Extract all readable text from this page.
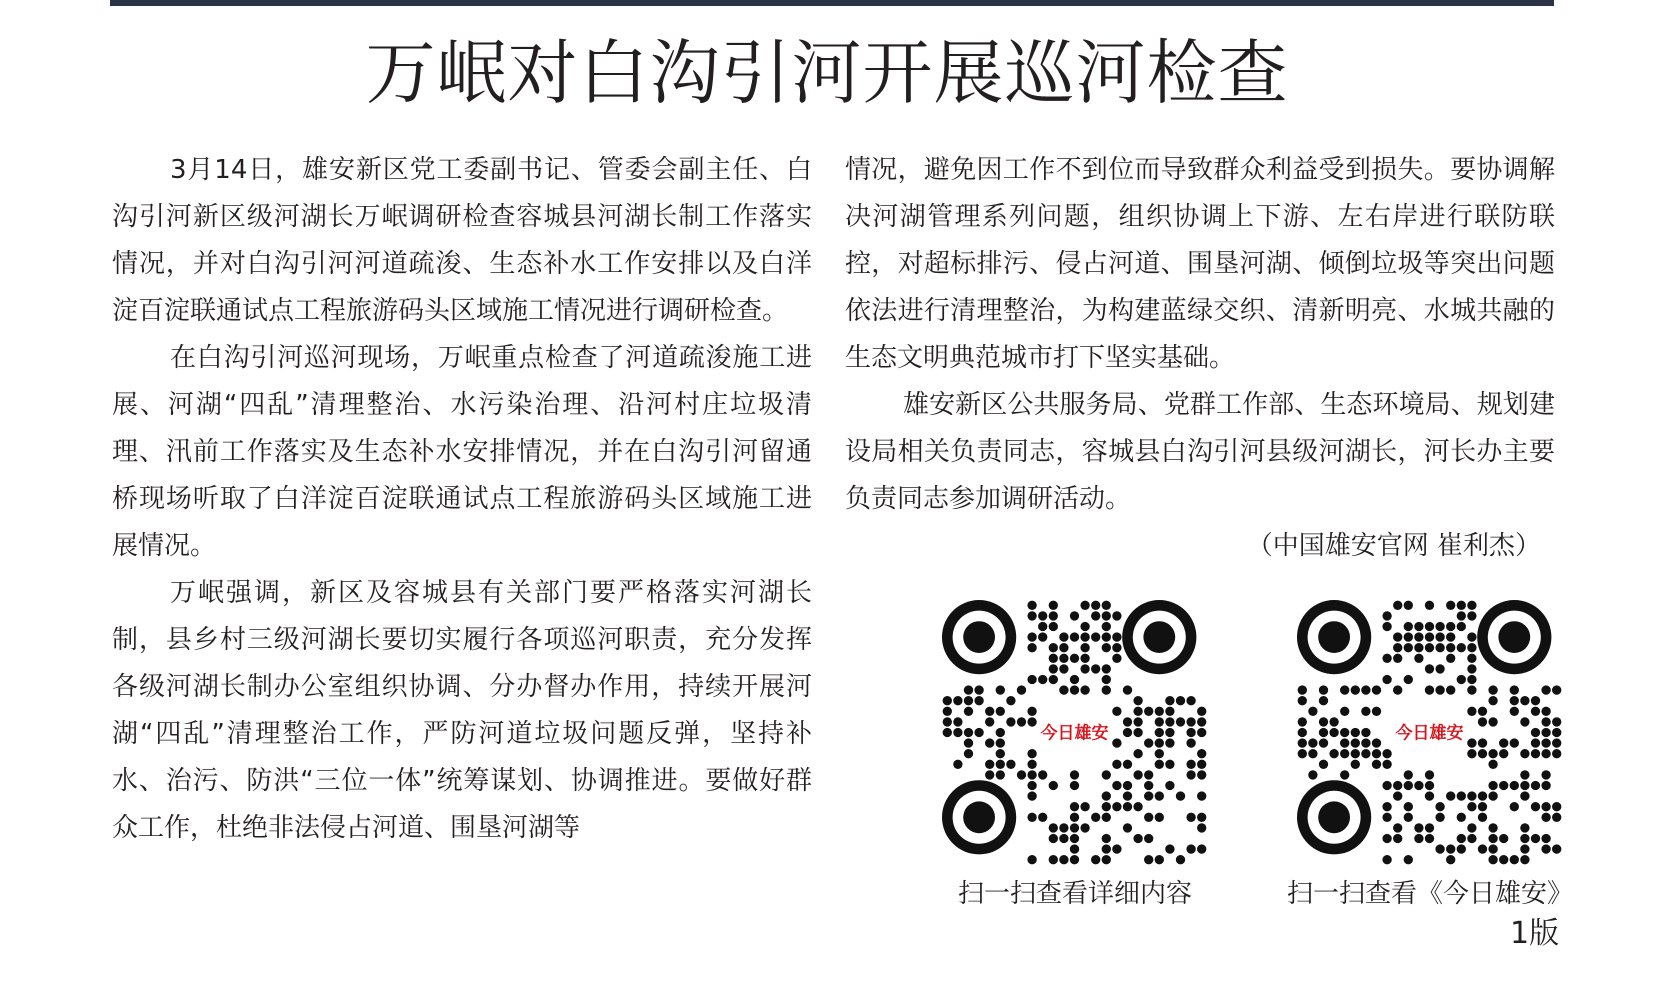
万岷对白沟引河开展巡河检查

3月14日，雄安新区党工委副书记、管委会副主任、白沟引河新区级河湖长万岷调研检查容城县河湖长制工作落实情况，并对白沟引河河道疏浚、生态补水工作安排以及白洋淀百淀联通试点工程旅游码头区域施工情况进行调研检查。

在白沟引河巡河现场，万岷重点检查了河道疏浚施工进展、河湖“四乱”清理整治、水污染治理、沿河村庄垃圾清理、汛前工作落实及生态补水安排情况，并在白沟引河留通桥现场听取了白洋淀百淀联通试点工程旅游码头区域施工进展情况。

万岷强调，新区及容城县有关部门要严格落实河湖长制，县乡村三级河湖长要切实履行各项巡河职责，充分发挥各级河湖长制办公室组织协调、分办督办作用，持续开展河湖“四乱”清理整治工作，严防河道垃圾问题反弹，坚持补水、治污、防洪“三位一体”统筹谋划、协调推进。要做好群众工作，杜绝非法侵占河道、围垦河湖等

情况，避免因工作不到位而导致群众利益受到损失。要协调解决河湖管理系列问题，组织协调上下游、左右岸进行联防联控，对超标排污、侵占河道、围垦河湖、倾倒垃圾等突出问题依法进行清理整治，为构建蓝绿交织、清新明亮、水城共融的生态文明典范城市打下坚实基础。

雄安新区公共服务局、党群工作部、生态环境局、规划建设局相关负责同志，容城县白沟引河县级河湖长，河长办主要负责同志参加调研活动。

（中国雄安官网 崔利杰）

今日雄安
扫一扫查看详细内容
今日雄安
扫一扫查看《今日雄安》
1版
